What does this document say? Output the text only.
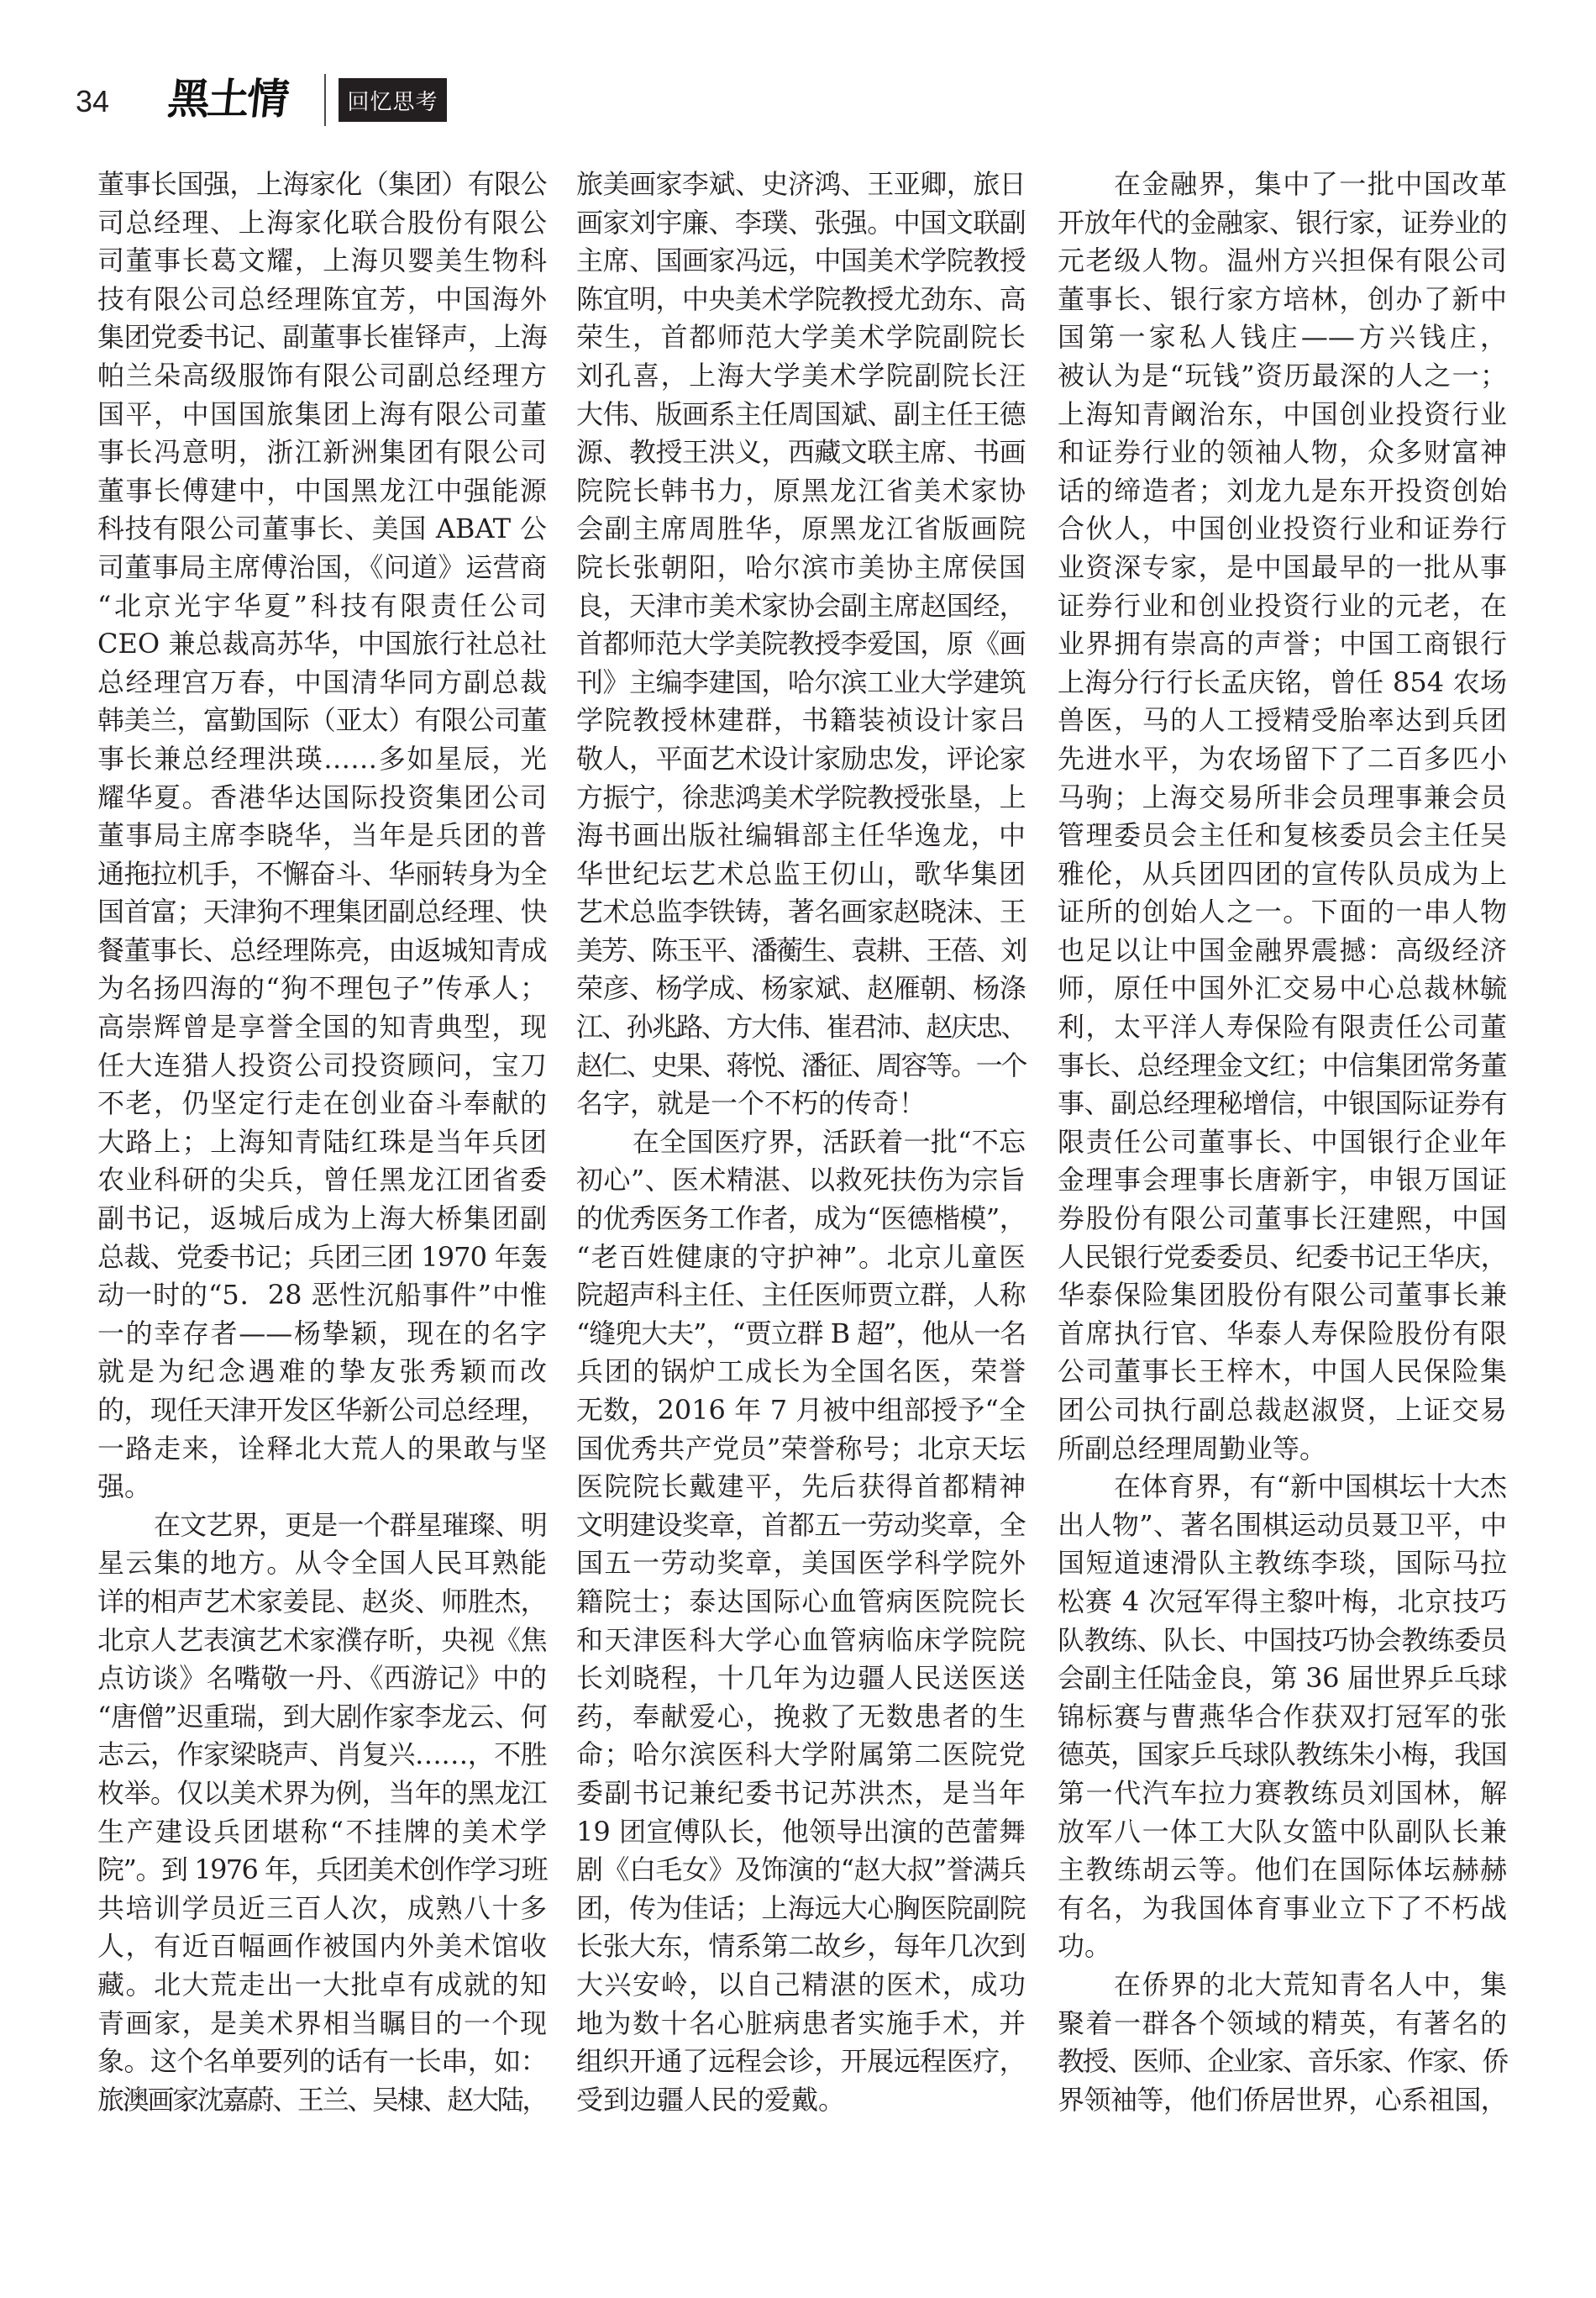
34 黑土情	回忆思考
董事长国强，上海家化（集团）有限公
司总经理、上海家化联合股份有限公
司董事长葛文耀，上海贝婴美生物科
技有限公司总经理陈宜芳，中国海外
集团党委书记、副董事长崔铎声，上海
帕兰朵高级服饰有限公司副总经理方
国平，中国国旅集团上海有限公司董
事长冯意明，浙江新洲集团有限公司
董事长傅建中，中国黑龙江中强能源
科技有限公司董事长、美国 ABAT 公
司董事局主席傅治国，《问道》运营商
“北京光宇华夏”科技有限责任公司
CEO 兼总裁高苏华，中国旅行社总社
总经理宫万春，中国清华同方副总裁
韩美兰，富勤国际（亚太）有限公司董
事长兼总经理洪瑛……多如星辰，光
耀华夏。香港华达国际投资集团公司
董事局主席李晓华，当年是兵团的普
通拖拉机手，不懈奋斗、华丽转身为全
国首富；天津狗不理集团副总经理、快
餐董事长、总经理陈亮，由返城知青成
为名扬四海的“狗不理包子”传承人；
高崇辉曾是享誉全国的知青典型，现
任大连猎人投资公司投资顾问，宝刀
不老，仍坚定行走在创业奋斗奉献的
大路上；上海知青陆红珠是当年兵团
农业科研的尖兵，曾任黑龙江团省委
副书记，返城后成为上海大桥集团副
总裁、党委书记；兵团三团 1970 年轰
动一时的“5．28 恶性沉船事件”中惟
一的幸存者——杨挚颖，现在的名字
就是为纪念遇难的挚友张秀颖而改
的，现任天津开发区华新公司总经理，
一路走来，诠释北大荒人的果敢与坚
强。
在文艺界，更是一个群星璀璨、明
星云集的地方。从令全国人民耳熟能
详的相声艺术家姜昆、赵炎、师胜杰，
北京人艺表演艺术家濮存昕，央视《焦
点访谈》名嘴敬一丹、《西游记》中的
“唐僧”迟重瑞，到大剧作家李龙云、何
志云，作家梁晓声、肖复兴……，不胜
枚举。仅以美术界为例，当年的黑龙江
生产建设兵团堪称“不挂牌的美术学
院”。到 1976 年，兵团美术创作学习班
共培训学员近三百人次，成熟八十多
人，有近百幅画作被国内外美术馆收
藏。北大荒走出一大批卓有成就的知
青画家，是美术界相当瞩目的一个现
象。这个名单要列的话有一长串，如：
旅澳画家沈嘉蔚、王兰、吴棣、赵大陆，
旅美画家李斌、史济鸿、王亚卿，旅日
画家刘宇廉、李璞、张强。中国文联副
主席、国画家冯远，中国美术学院教授
陈宜明，中央美术学院教授尤劲东、高
荣生，首都师范大学美术学院副院长
刘孔喜，上海大学美术学院副院长汪
大伟、版画系主任周国斌、副主任王德
源、教授王洪义，西藏文联主席、书画
院院长韩书力，原黑龙江省美术家协
会副主席周胜华，原黑龙江省版画院
院长张朝阳，哈尔滨市美协主席侯国
良，天津市美术家协会副主席赵国经，
首都师范大学美院教授李爱国，原《画
刊》主编李建国，哈尔滨工业大学建筑
学院教授林建群，书籍装祯设计家吕
敬人，平面艺术设计家励忠发，评论家
方振宁，徐悲鸿美术学院教授张垦，上
海书画出版社编辑部主任华逸龙，中
华世纪坛艺术总监王仞山，歌华集团
艺术总监李铁铸，著名画家赵晓沫、王
美芳、陈玉平、潘蘅生、袁耕、王蓓、刘
荣彦、杨学成、杨家斌、赵雁朝、杨涤
江、孙兆路、方大伟、崔君沛、赵庆忠、
赵仁、史果、蒋悦、潘征、周容等。一个
名字，就是一个不朽的传奇！
在全国医疗界，活跃着一批“不忘
初心”、医术精湛、以救死扶伤为宗旨
的优秀医务工作者，成为“医德楷模”，
“老百姓健康的守护神”。北京儿童医
院超声科主任、主任医师贾立群，人称
“缝兜大夫”，“贾立群 B 超”，他从一名
兵团的锅炉工成长为全国名医，荣誉
无数，2016 年 7 月被中组部授予“全
国优秀共产党员”荣誉称号；北京天坛
医院院长戴建平，先后获得首都精神
文明建设奖章，首都五一劳动奖章，全
国五一劳动奖章，美国医学科学院外
籍院士；泰达国际心血管病医院院长
和天津医科大学心血管病临床学院院
长刘晓程，十几年为边疆人民送医送
药，奉献爱心，挽救了无数患者的生
命；哈尔滨医科大学附属第二医院党
委副书记兼纪委书记苏洪杰，是当年
19 团宣傅队长，他领导出演的芭蕾舞
剧《白毛女》及饰演的“赵大叔”誉满兵
团，传为佳话；上海远大心胸医院副院
长张大东，情系第二故乡，每年几次到
大兴安岭，以自己精湛的医术，成功
地为数十名心脏病患者实施手术，并
组织开通了远程会诊，开展远程医疗，
受到边疆人民的爱戴。
在金融界，集中了一批中国改革
开放年代的金融家、银行家，证券业的
元老级人物。温州方兴担保有限公司
董事长、银行家方培林，创办了新中
国第一家私人钱庄——方兴钱庄，
被认为是“玩钱”资历最深的人之一；
上海知青阚治东，中国创业投资行业
和证券行业的领袖人物，众多财富神
话的缔造者；刘龙九是东开投资创始
合伙人，中国创业投资行业和证券行
业资深专家，是中国最早的一批从事
证券行业和创业投资行业的元老，在
业界拥有崇高的声誉；中国工商银行
上海分行行长孟庆铭，曾任 854 农场
兽医，马的人工授精受胎率达到兵团
先进水平，为农场留下了二百多匹小
马驹；上海交易所非会员理事兼会员
管理委员会主任和复核委员会主任吴
雅伦，从兵团四团的宣传队员成为上
证所的创始人之一。下面的一串人物
也足以让中国金融界震撼：高级经济
师，原任中国外汇交易中心总裁林毓
利，太平洋人寿保险有限责任公司董
事长、总经理金文红；中信集团常务董
事、副总经理秘增信，中银国际证券有
限责任公司董事长、中国银行企业年
金理事会理事长唐新宇，申银万国证
券股份有限公司董事长汪建熙，中国
人民银行党委委员、纪委书记王华庆，
华泰保险集团股份有限公司董事长兼
首席执行官、华泰人寿保险股份有限
公司董事长王梓木，中国人民保险集
团公司执行副总裁赵淑贤，上证交易
所副总经理周勤业等。
在体育界，有“新中国棋坛十大杰
出人物”、著名围棋运动员聂卫平，中
国短道速滑队主教练李琰，国际马拉
松赛 4 次冠军得主黎叶梅，北京技巧
队教练、队长、中国技巧协会教练委员
会副主任陆金良，第 36 届世界乒乓球
锦标赛与曹燕华合作获双打冠军的张
德英，国家乒乓球队教练朱小梅，我国
第一代汽车拉力赛教练员刘国林，解
放军八一体工大队女篮中队副队长兼
主教练胡云等。他们在国际体坛赫赫
有名，为我国体育事业立下了不朽战
功。
在侨界的北大荒知青名人中，集
聚着一群各个领域的精英，有著名的
教授、医师、企业家、音乐家、作家、侨
界领袖等，他们侨居世界，心系祖国，
